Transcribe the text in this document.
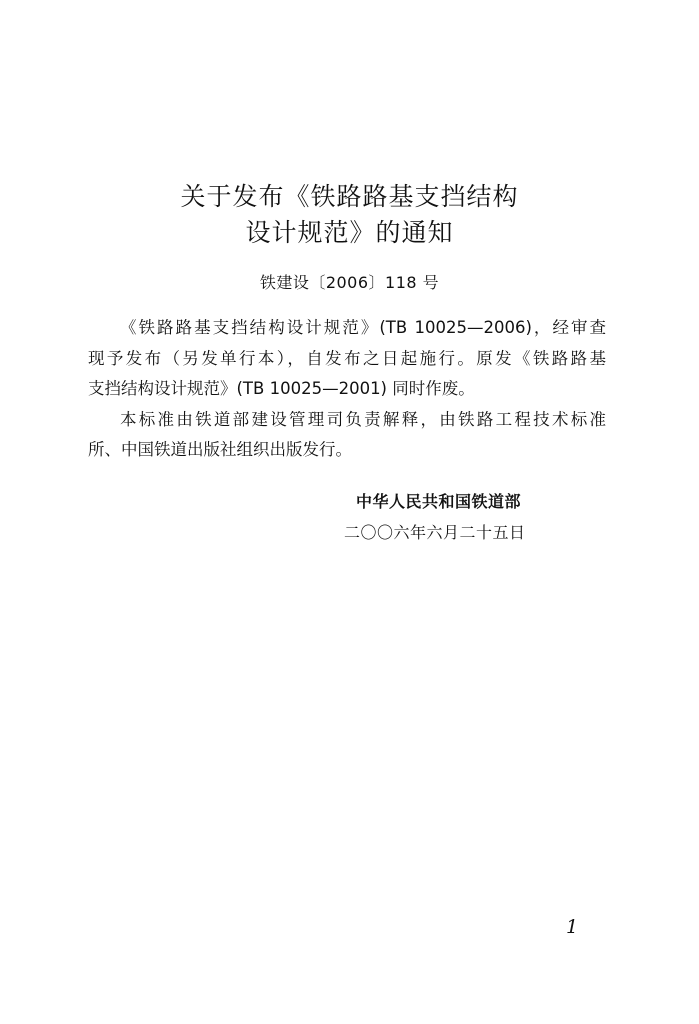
关于发布《铁路路基支挡结构
设计规范》的通知
铁建设〔2006〕118 号
《铁路路基支挡结构设计规范》(TB 10025—2006)，经审查
现予发布（另发单行本），自发布之日起施行。原发《铁路路基
支挡结构设计规范》(TB 10025—2001) 同时作废。
本标准由铁道部建设管理司负责解释，由铁路工程技术标准
所、中国铁道出版社组织出版发行。
中华人民共和国铁道部
二〇〇六年六月二十五日
1
